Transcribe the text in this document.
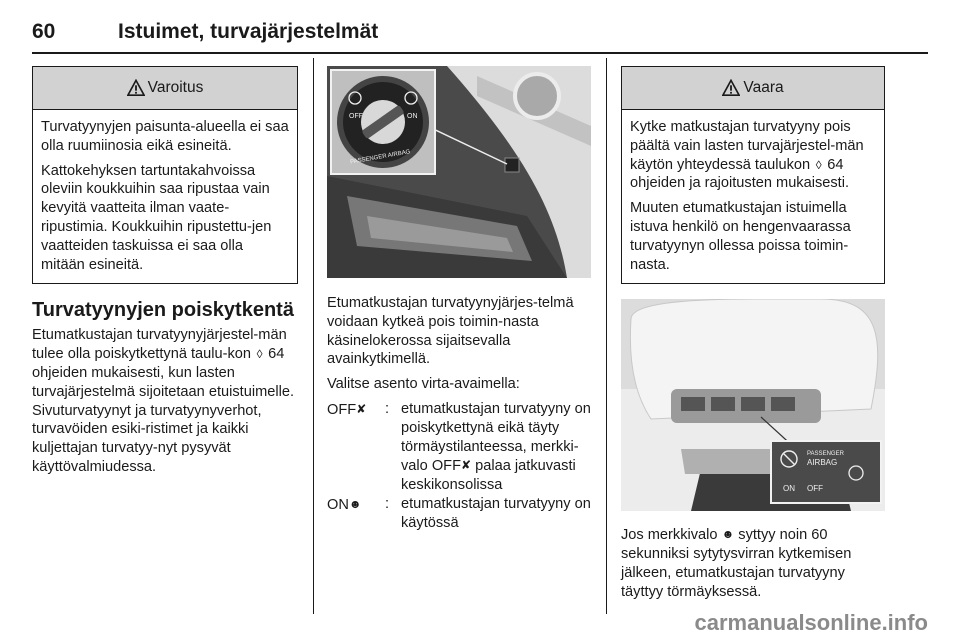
60	Istuimet, turvajärjestelmät
Varoitus

Turvatyynyjen paisunta-alueella ei saa olla ruumiinosia eikä esineitä.

Kattokehyksen tartuntakahvoissa oleviin koukkuihin saa ripustaa vain kevyitä vaatteita ilman vaate-ripustimia. Koukkuihin ripustettu-jen vaatteiden taskuissa ei saa olla mitään esineitä.

Turvatyynyjen poiskytkentä

Etumatkustajan turvatyynyjärjestel-män tulee olla poiskytkettynä taulu-kon ◊ 64 ohjeiden mukaisesti, kun lasten turvajärjestelmä sijoitetaan etuistuimelle. Sivuturvatyynyt ja turvatyynyverhot, turvavöiden esiki-ristimet ja kaikki kuljettajan turvatyy-nyt pysyvät käyttövalmiudessa.

OFF	ON
PASSENGER AIRBAG

Etumatkustajan turvatyynyjärjes-telmä voidaan kytkeä pois toimin-nasta käsinelokerossa sijaitsevalla avainkytkimellä.

Valitse asento virta-avaimella:

OFF✘	: etumatkustajan turvatyyny on poiskytkettynä eikä täyty törmäystilanteessa, merkki-valo OFF✘ palaa jatkuvasti keskikonsolissa
ON☻	: etumatkustajan turvatyyny on käytössä
Vaara

Kytke matkustajan turvatyyny pois päältä vain lasten turvajärjestel-män käytön yhteydessä taulukon ◊ 64 ohjeiden ja rajoitusten mukaisesti.

Muuten etumatkustajan istuimella istuva henkilö on hengenvaarassa turvatyynyn ollessa poissa toimin-nasta.

PASSENGER
AIRBAG
ON OFF

Jos merkkivalo ☻ syttyy noin 60 sekunniksi sytytysvirran kytkemisen jälkeen, etumatkustajan turvatyyny täyttyy törmäyksessä.

carmanualsonline.info
